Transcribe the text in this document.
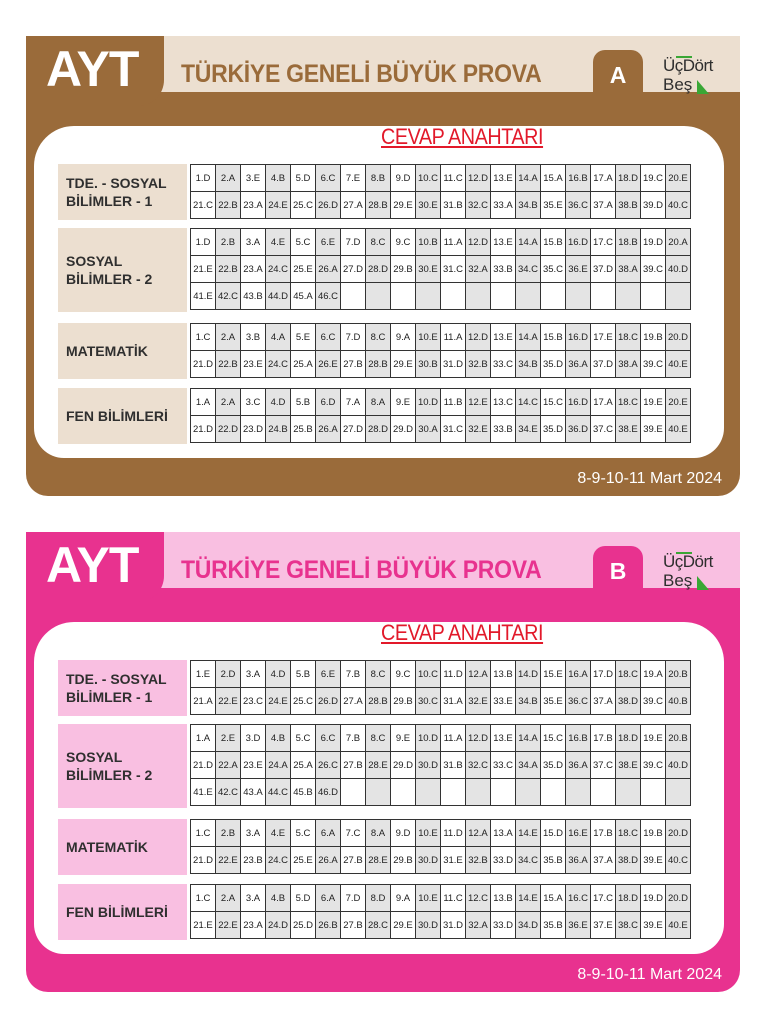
AYT TÜRKİYE GENELİ BÜYÜK PROVA	A	ÜçDört
Beş
CEVAP ANAHTARI
8-9-10-11 Mart 2024
TDE. - SOSYAL BİLİMLER - 1
1.D	2.A	3.E	4.B	5.D	6.C	7.E	8.B	9.D	10.C	11.C	12.D	13.E	14.A	15.A	16.B	17.A	18.D	19.C	20.E
21.C	22.B	23.A	24.E	25.C	26.D	27.A	28.B	29.E	30.E	31.B	32.C	33.A	34.B	35.E	36.C	37.A	38.B	39.D	40.C
SOSYAL BİLİMLER - 2
1.D	2.B	3.A	4.E	5.C	6.E	7.D	8.C	9.C	10.B	11.A	12.D	13.E	14.A	15.B	16.D	17.C	18.B	19.D	20.A
21.E	22.B	23.A	24.C	25.E	26.A	27.D	28.D	29.B	30.E	31.C	32.A	33.B	34.C	35.C	36.E	37.D	38.A	39.C	40.D
41.E	42.C	43.B	44.D	45.A	46.C														
MATEMATİK
1.C	2.A	3.B	4.A	5.E	6.C	7.D	8.C	9.A	10.E	11.A	12.D	13.E	14.A	15.B	16.D	17.E	18.C	19.B	20.D
21.D	22.B	23.E	24.C	25.A	26.E	27.B	28.B	29.E	30.B	31.D	32.B	33.C	34.B	35.D	36.A	37.D	38.A	39.C	40.E
FEN BİLİMLERİ
1.A	2.A	3.C	4.D	5.B	6.D	7.A	8.A	9.E	10.D	11.B	12.E	13.C	14.C	15.C	16.D	17.A	18.C	19.E	20.E
21.D	22.D	23.D	24.B	25.B	26.A	27.D	28.D	29.D	30.A	31.C	32.E	33.B	34.E	35.D	36.D	37.C	38.E	39.E	40.E
AYT TÜRKİYE GENELİ BÜYÜK PROVA	B	ÜçDört
Beş
CEVAP ANAHTARI
8-9-10-11 Mart 2024
TDE. - SOSYAL BİLİMLER - 1
1.E	2.D	3.A	4.D	5.B	6.E	7.B	8.C	9.C	10.C	11.D	12.A	13.B	14.D	15.E	16.A	17.D	18.C	19.A	20.B
21.A	22.E	23.C	24.E	25.C	26.D	27.A	28.B	29.B	30.C	31.A	32.E	33.E	34.B	35.E	36.C	37.A	38.D	39.C	40.B
SOSYAL BİLİMLER - 2
1.A	2.E	3.D	4.B	5.C	6.C	7.B	8.C	9.E	10.D	11.A	12.D	13.E	14.A	15.C	16.B	17.B	18.D	19.E	20.B
21.D	22.A	23.E	24.A	25.A	26.C	27.B	28.E	29.D	30.D	31.B	32.C	33.C	34.A	35.D	36.A	37.C	38.E	39.C	40.D
41.E	42.C	43.A	44.C	45.B	46.D														
MATEMATİK
1.C	2.B	3.A	4.E	5.C	6.A	7.C	8.A	9.D	10.E	11.D	12.A	13.A	14.E	15.D	16.E	17.B	18.C	19.B	20.D
21.D	22.E	23.B	24.C	25.E	26.A	27.B	28.E	29.B	30.D	31.E	32.B	33.D	34.C	35.B	36.A	37.A	38.D	39.E	40.C
FEN BİLİMLERİ
1.C	2.A	3.A	4.B	5.D	6.A	7.D	8.D	9.A	10.E	11.C	12.C	13.B	14.E	15.A	16.C	17.C	18.D	19.D	20.D
21.E	22.E	23.A	24.D	25.D	26.B	27.B	28.C	29.E	30.D	31.D	32.A	33.D	34.D	35.B	36.E	37.E	38.C	39.E	40.E
